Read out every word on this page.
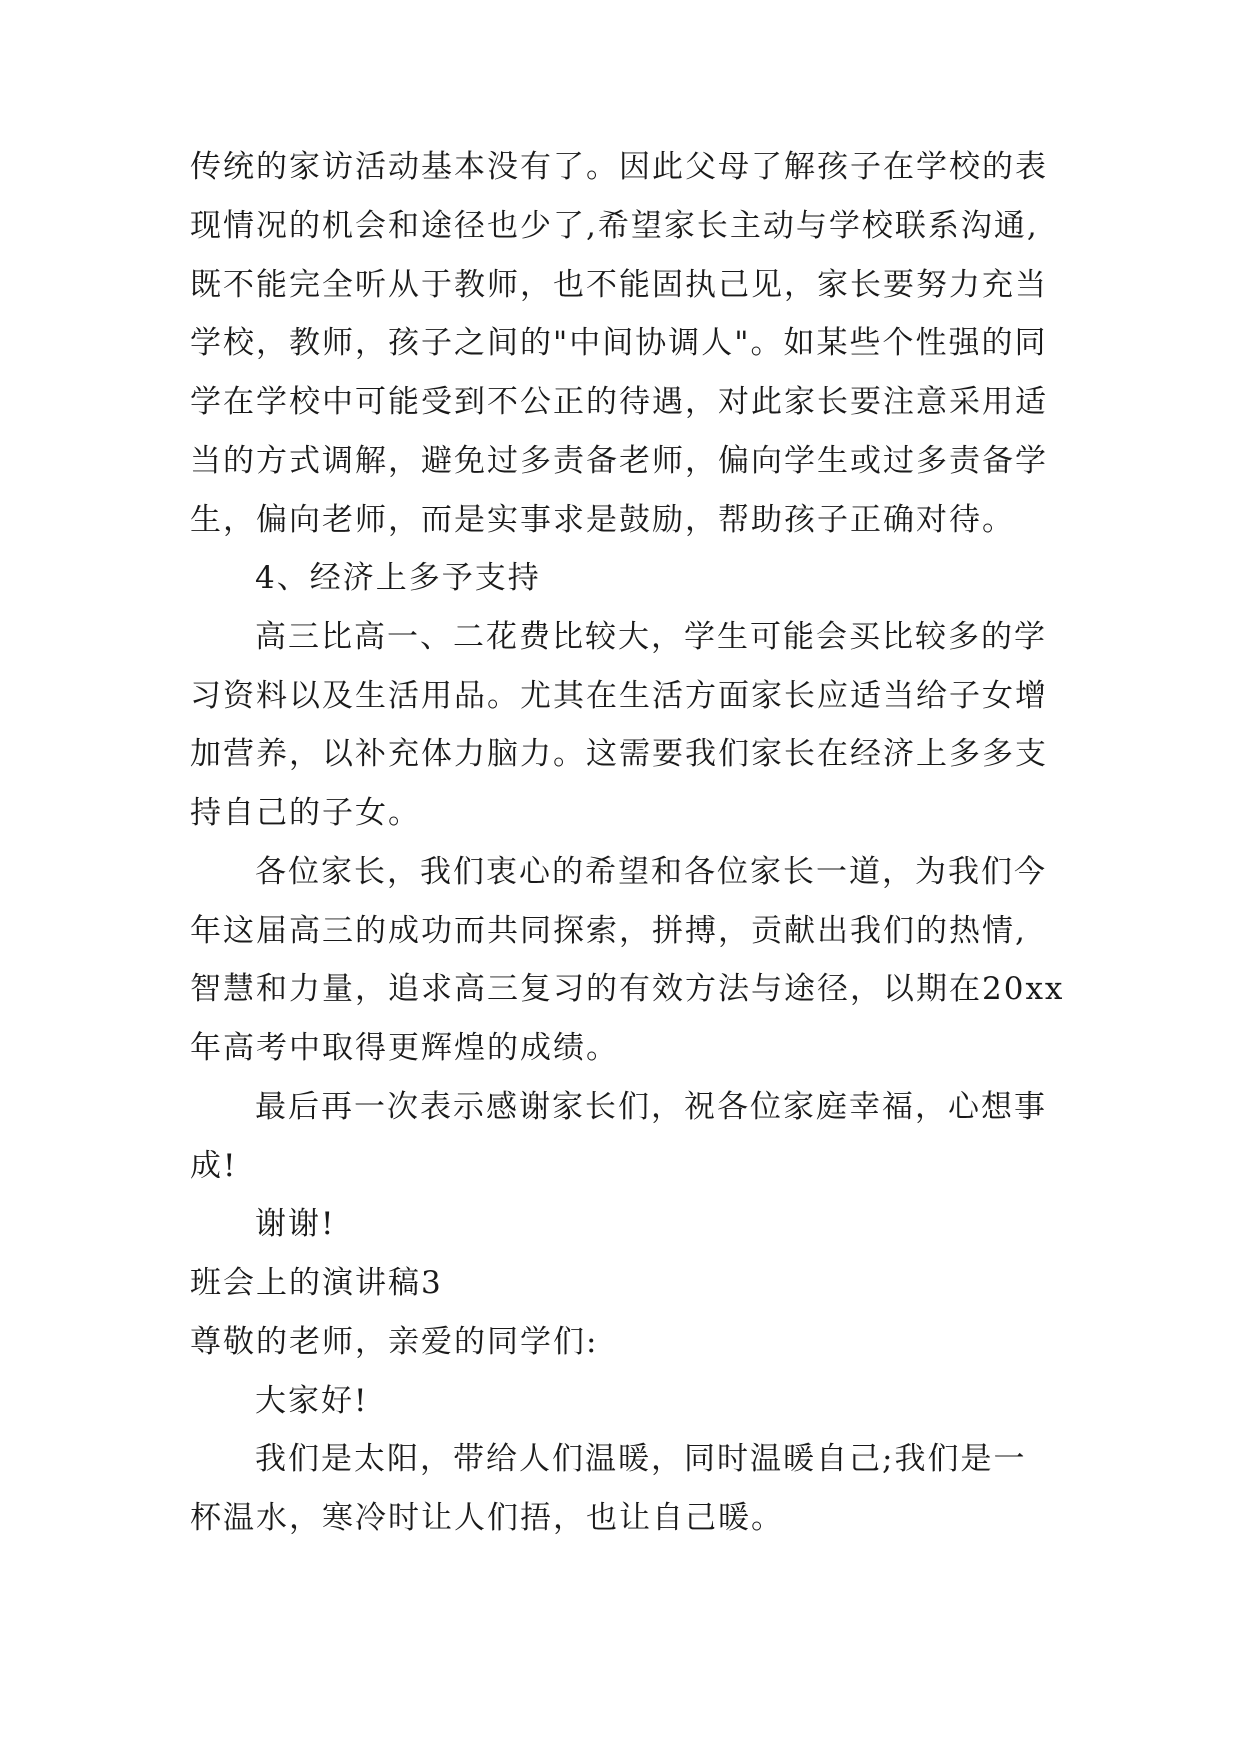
传统的家访活动基本没有了。因此父母了解孩子在学校的表
现情况的机会和途径也少了,希望家长主动与学校联系沟通,
既不能完全听从于教师，也不能固执己见，家长要努力充当
学校，教师，孩子之间的"中间协调人"。如某些个性强的同
学在学校中可能受到不公正的待遇，对此家长要注意采用适
当的方式调解，避免过多责备老师，偏向学生或过多责备学
生，偏向老师，而是实事求是鼓励，帮助孩子正确对待。
4、经济上多予支持
高三比高一、二花费比较大，学生可能会买比较多的学
习资料以及生活用品。尤其在生活方面家长应适当给子女增
加营养，以补充体力脑力。这需要我们家长在经济上多多支
持自己的子女。
各位家长，我们衷心的希望和各位家长一道，为我们今
年这届高三的成功而共同探索，拼搏，贡献出我们的热情,
智慧和力量，追求高三复习的有效方法与途径，以期在20xx
年高考中取得更辉煌的成绩。
最后再一次表示感谢家长们，祝各位家庭幸福，心想事
成!
谢谢!
班会上的演讲稿3
尊敬的老师，亲爱的同学们:
大家好!
我们是太阳，带给人们温暖，同时温暖自己;我们是一
杯温水，寒冷时让人们捂，也让自己暖。
